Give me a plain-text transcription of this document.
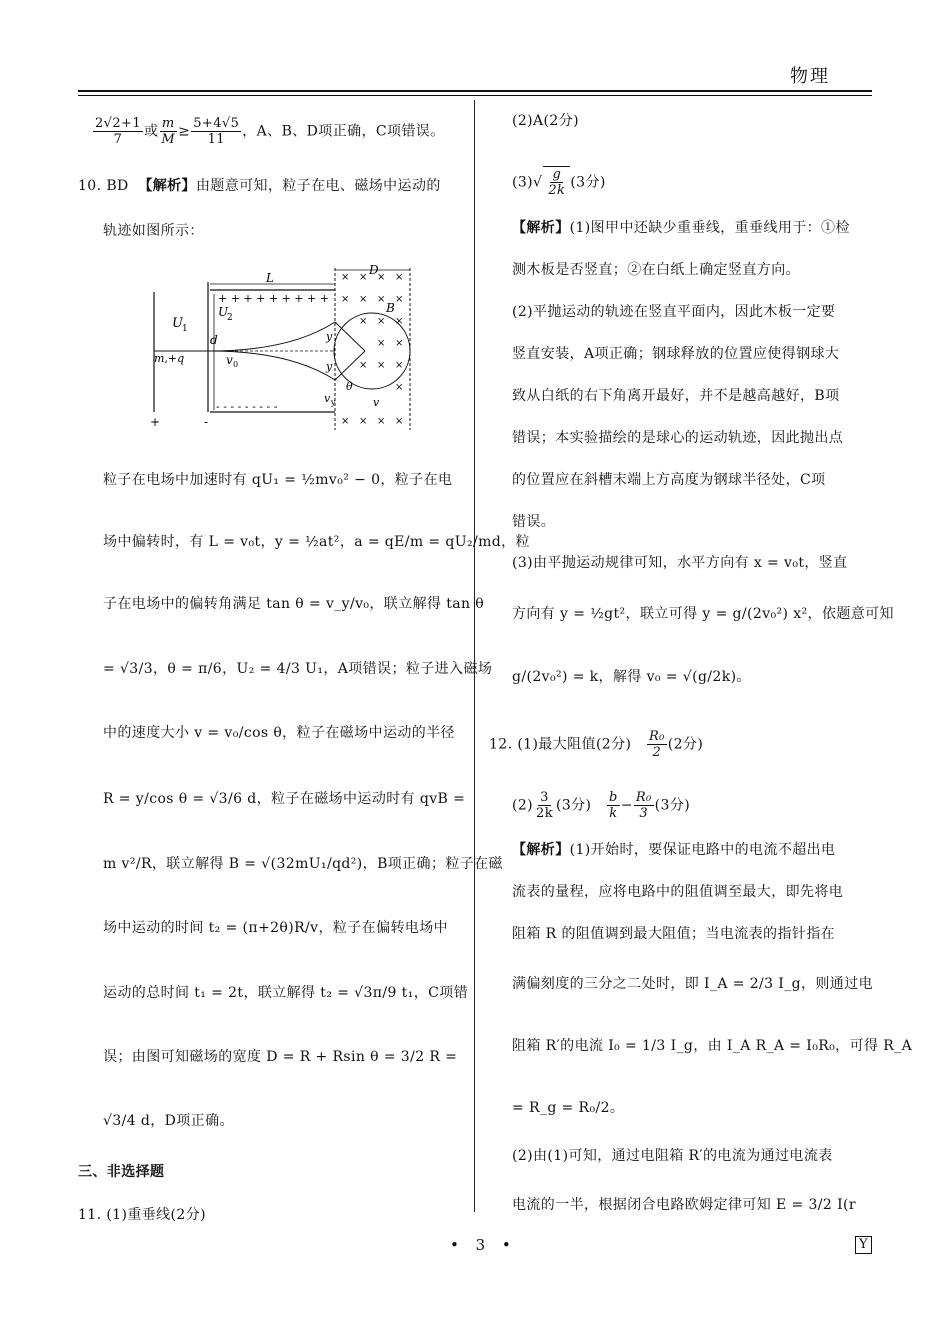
物理
$\frac{2√2+1}{7}$ 或 $\frac{m}{M} \ge \frac{5+4√5}{11}$ ，A、B、D项正确，C项错误。
10. BD 【解析】由题意可知，粒子在电、磁场中运动的
轨迹如图所示：
U 1
m,+q
+	-
L
+ + + + + + + + +
- - - - - - - - -
U
2
d
v 0
D
y
y
B
θ
v y	v
× × × ×
× × × ×
× × ×
× ×
× × ×
×
× × × ×
粒子在电场中加速时有 qU₁ = ½mv₀² − 0，粒子在电
场中偏转时，有 L = v₀t，y = ½at²，a = qE/m = qU₂/md，粒
子在电场中的偏转角满足 tan θ = v_y/v₀，联立解得 tan θ
= √3/3，θ = π/6，U₂ = 4/3 U₁，A项错误；粒子进入磁场
中的速度大小 v = v₀/cos θ，粒子在磁场中运动的半径
R = y/cos θ = √3/6 d，粒子在磁场中运动时有 qvB =
m v²/R，联立解得 B = √(32mU₁/qd²)，B项正确；粒子在磁
场中运动的时间 t₂ = (π+2θ)R/v，粒子在偏转电场中
运动的总时间 t₁ = 2t，联立解得 t₂ = √3π/9 t₁，C项错
误；由图可知磁场的宽度 D = R + Rsin θ = 3/2 R =
√3/4 d，D项正确。
三、非选择题
11. (1)重垂线(2分)
(2)A(2分)
$(3)√ \frac{g}{2k} (3$分)
【解析】(1)图甲中还缺少重垂线，重垂线用于：①检
测木板是否竖直；②在白纸上确定竖直方向。
(2)平抛运动的轨迹在竖直平面内，因此木板一定要
竖直安装，A项正确；钢球释放的位置应使得钢球大
致从白纸的右下角离开最好，并不是越高越好，B项
错误；本实验描绘的是球心的运动轨迹，因此抛出点
的位置应在斜槽末端上方高度为钢球半径处，C项
错误。
(3)由平抛运动规律可知，水平方向有 x = v₀t，竖直
方向有 y = ½gt²，联立可得 y = g/(2v₀²) x²，依题意可知
g/(2v₀²) = k，解得 v₀ = √(g/2k)。
12. (1)最大阻值(2分) $\frac{\text{R₀}}{2} (2$分)
$(2) \frac{3}{2k} (3$分) $\frac{b}{k} - \frac{\text{R₀}}{3} (3$分)
【解析】(1)开始时，要保证电路中的电流不超出电
流表的量程，应将电路中的阻值调至最大，即先将电
阻箱 R 的阻值调到最大阻值；当电流表的指针指在
满偏刻度的三分之二处时，即 I_A = 2/3 I_g，则通过电
阻箱 R′的电流 I₀ = 1/3 I_g，由 I_A R_A = I₀R₀，可得 R_A
= R_g = R₀/2。
(2)由(1)可知，通过电阻箱 R′的电流为通过电流表
电流的一半，根据闭合电路欧姆定律可知 E = 3/2 I(r
• 3 •	Y
